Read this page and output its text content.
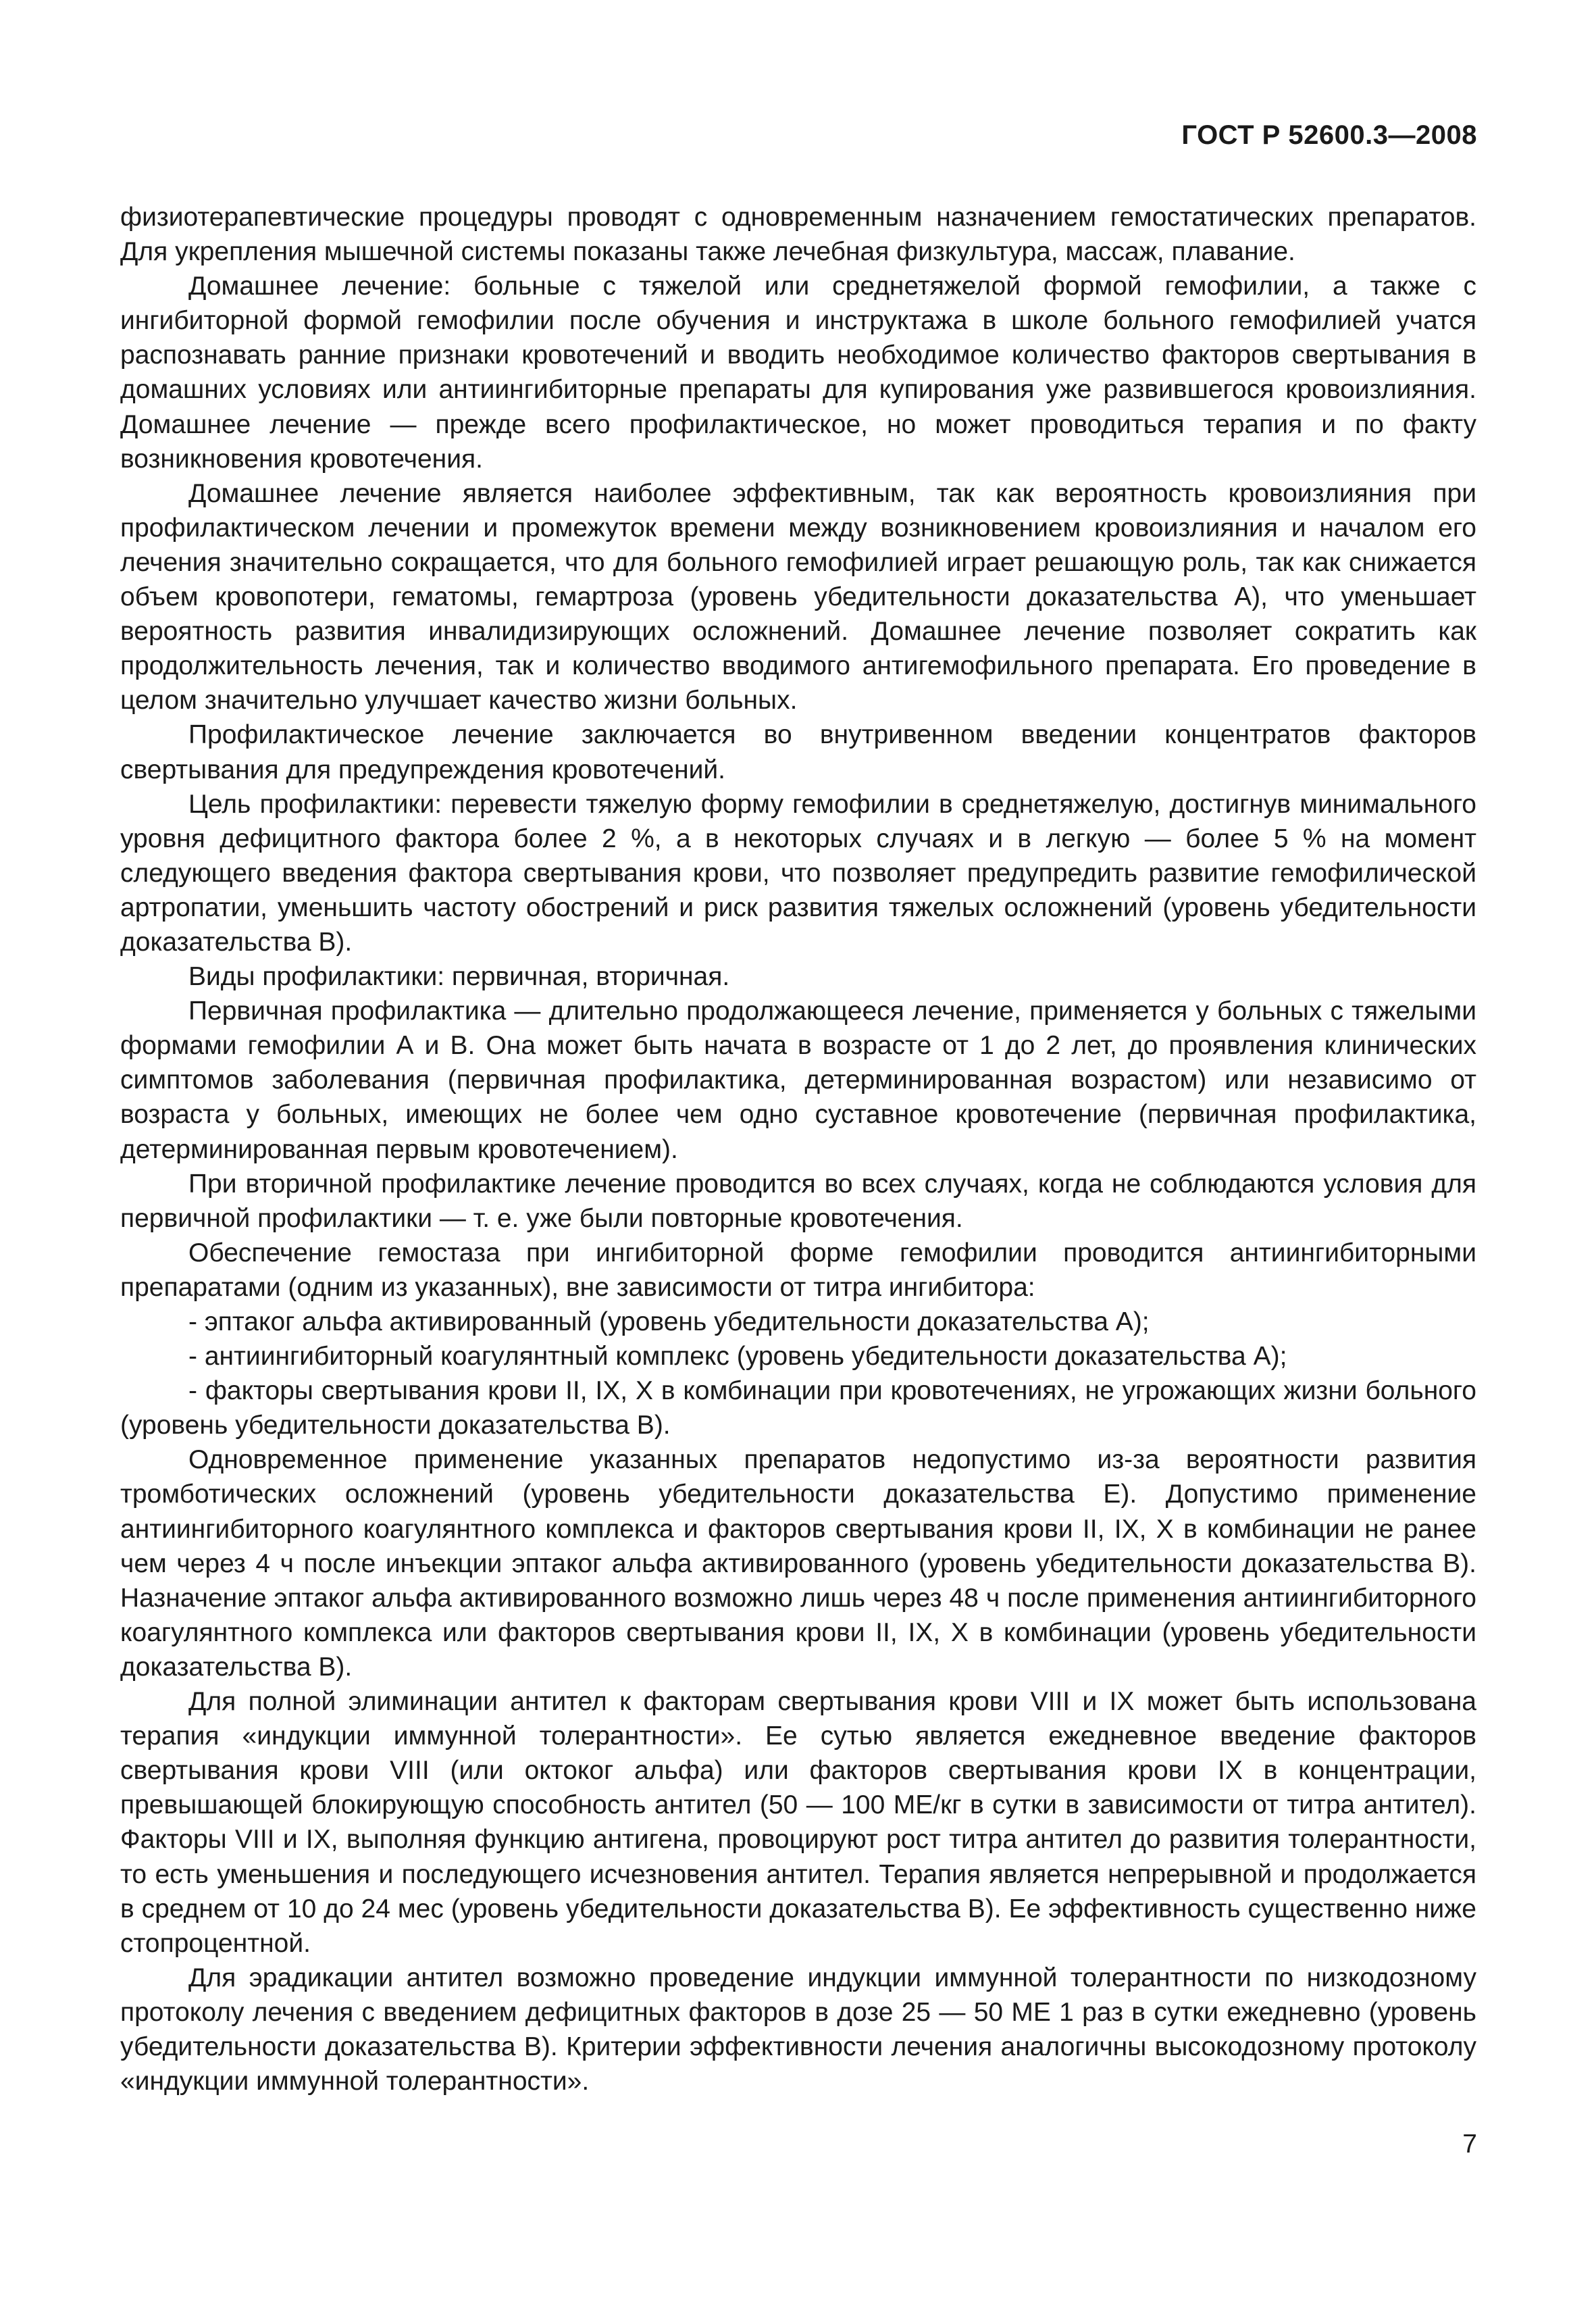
ГОСТ Р 52600.3—2008

физиотерапевтические процедуры проводят с одновременным назначением гемостатических препаратов. Для укрепления мышечной системы показаны также лечебная физкультура, массаж, плавание.

Домашнее лечение: больные с тяжелой или среднетяжелой формой гемофилии, а также с ингибиторной формой гемофилии после обучения и инструктажа в школе больного гемофилией учатся распознавать ранние признаки кровотечений и вводить необходимое количество факторов свертывания в домашних условиях или антиингибиторные препараты для купирования уже развившегося кровоизлияния. Домашнее лечение — прежде всего профилактическое, но может проводиться терапия и по факту возникновения кровотечения.

Домашнее лечение является наиболее эффективным, так как вероятность кровоизлияния при профилактическом лечении и промежуток времени между возникновением кровоизлияния и началом его лечения значительно сокращается, что для больного гемофилией играет решающую роль, так как снижается объем кровопотери, гематомы, гемартроза (уровень убедительности доказательства А), что уменьшает вероятность развития инвалидизирующих осложнений. Домашнее лечение позволяет сократить как продолжительность лечения, так и количество вводимого антигемофильного препарата. Его проведение в целом значительно улучшает качество жизни больных.

Профилактическое лечение заключается во внутривенном введении концентратов факторов свертывания для предупреждения кровотечений.

Цель профилактики: перевести тяжелую форму гемофилии в среднетяжелую, достигнув минимального уровня дефицитного фактора более 2 %, а в некоторых случаях и в легкую — более 5 % на момент следующего введения фактора свертывания крови, что позволяет предупредить развитие гемофилической артропатии, уменьшить частоту обострений и риск развития тяжелых осложнений (уровень убедительности доказательства В).

Виды профилактики: первичная, вторичная.

Первичная профилактика — длительно продолжающееся лечение, применяется у больных с тяжелыми формами гемофилии А и В. Она может быть начата в возрасте от 1 до 2 лет, до проявления клинических симптомов заболевания (первичная профилактика, детерминированная возрастом) или независимо от возраста у больных, имеющих не более чем одно суставное кровотечение (первичная профилактика, детерминированная первым кровотечением).

При вторичной профилактике лечение проводится во всех случаях, когда не соблюдаются условия для первичной профилактики — т. е. уже были повторные кровотечения.

Обеспечение гемостаза при ингибиторной форме гемофилии проводится антиингибиторными препаратами (одним из указанных), вне зависимости от титра ингибитора:

- эптаког альфа активированный (уровень убедительности доказательства А);

- антиингибиторный коагулянтный комплекс (уровень убедительности доказательства А);

- факторы свертывания крови II, IX, X в комбинации при кровотечениях, не угрожающих жизни больного (уровень убедительности доказательства В).

Одновременное применение указанных препаратов недопустимо из-за вероятности развития тромботических осложнений (уровень убедительности доказательства Е). Допустимо применение антиингибиторного коагулянтного комплекса и факторов свертывания крови II, IX, X в комбинации не ранее чем через 4 ч после инъекции эптаког альфа активированного (уровень убедительности доказательства В). Назначение эптаког альфа активированного возможно лишь через 48 ч после применения антиингибиторного коагулянтного комплекса или факторов свертывания крови II, IX, X в комбинации (уровень убедительности доказательства В).

Для полной элиминации антител к факторам свертывания крови VIII и IX может быть использована терапия «индукции иммунной толерантности». Ее сутью является ежедневное введение факторов свертывания крови VIII (или октоког альфа) или факторов свертывания крови IX в концентрации, превышающей блокирующую способность антител (50 — 100 МЕ/кг в сутки в зависимости от титра антител). Факторы VIII и IX, выполняя функцию антигена, провоцируют рост титра антител до развития толерантности, то есть уменьшения и последующего исчезновения антител. Терапия является непрерывной и продолжается в среднем от 10 до 24 мес (уровень убедительности доказательства В). Ее эффективность существенно ниже стопроцентной.

Для эрадикации антител возможно проведение индукции иммунной толерантности по низкодозному протоколу лечения с введением дефицитных факторов в дозе 25 — 50 МЕ 1 раз в сутки ежедневно (уровень убедительности доказательства В). Критерии эффективности лечения аналогичны высокодозному протоколу «индукции иммунной толерантности».

7
